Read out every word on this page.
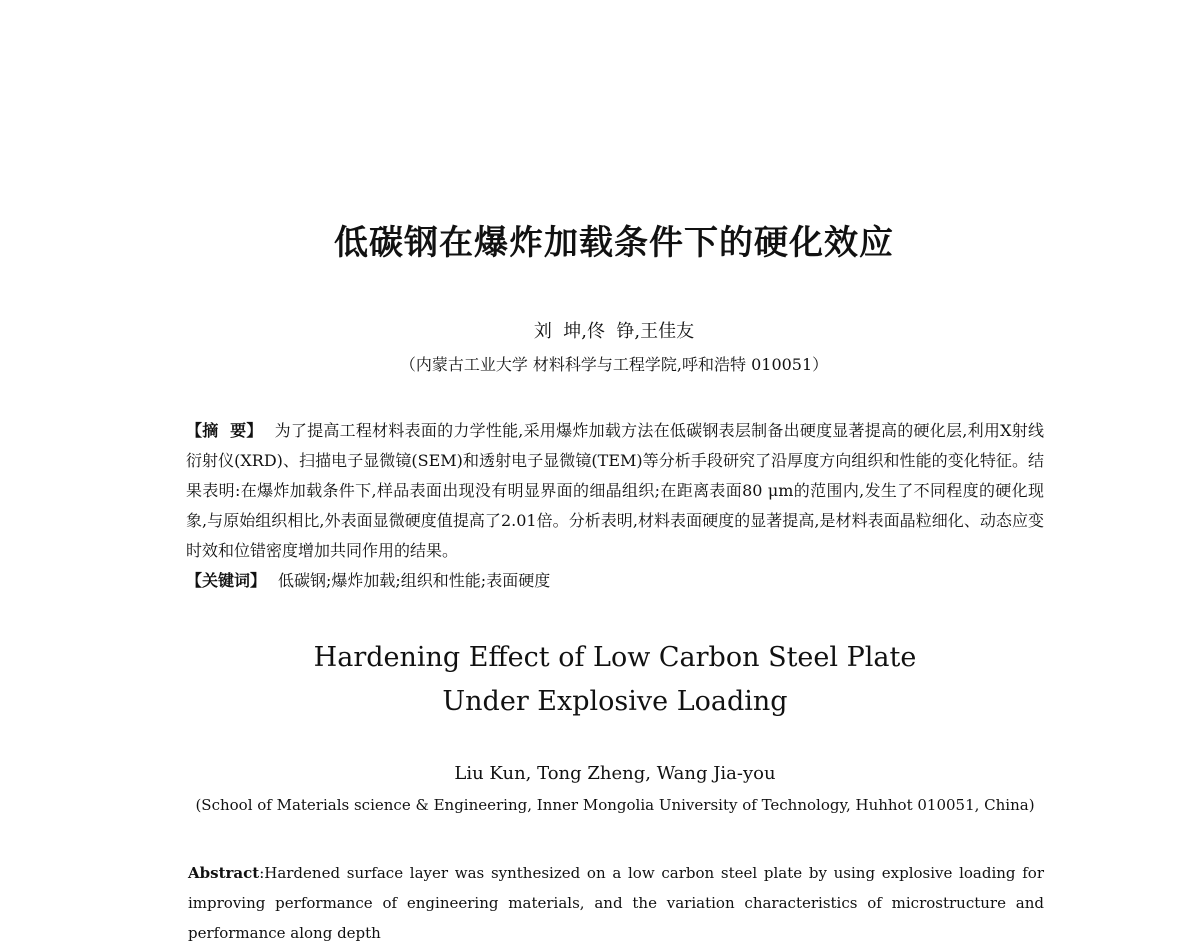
低碳钢在爆炸加载条件下的硬化效应
刘  坤,佟  铮,王佳友
（内蒙古工业大学 材料科学与工程学院,呼和浩特 010051）
【摘  要】 为了提高工程材料表面的力学性能,采用爆炸加载方法在低碳钢表层制备出硬度显著提高的硬化层,利用X射线衍射仪(XRD)、扫描电子显微镜(SEM)和透射电子显微镜(TEM)等分析手段研究了沿厚度方向组织和性能的变化特征。结果表明:在爆炸加载条件下,样品表面出现没有明显界面的细晶组织;在距离表面80 μm的范围内,发生了不同程度的硬化现象,与原始组织相比,外表面显微硬度值提高了2.01倍。分析表明,材料表面硬度的显著提高,是材料表面晶粒细化、动态应变时效和位错密度增加共同作用的结果。
【关键词】 低碳钢;爆炸加载;组织和性能;表面硬度
Hardening Effect of Low Carbon Steel Plate
Under Explosive Loading
Liu Kun, Tong Zheng, Wang Jia-you
(School of Materials science & Engineering, Inner Mongolia University of Technology, Huhhot 010051, China)
Abstract:Hardened surface layer was synthesized on a low carbon steel plate by using explosive loading for improving performance of engineering materials, and the variation characteristics of microstructure and performance along depth
